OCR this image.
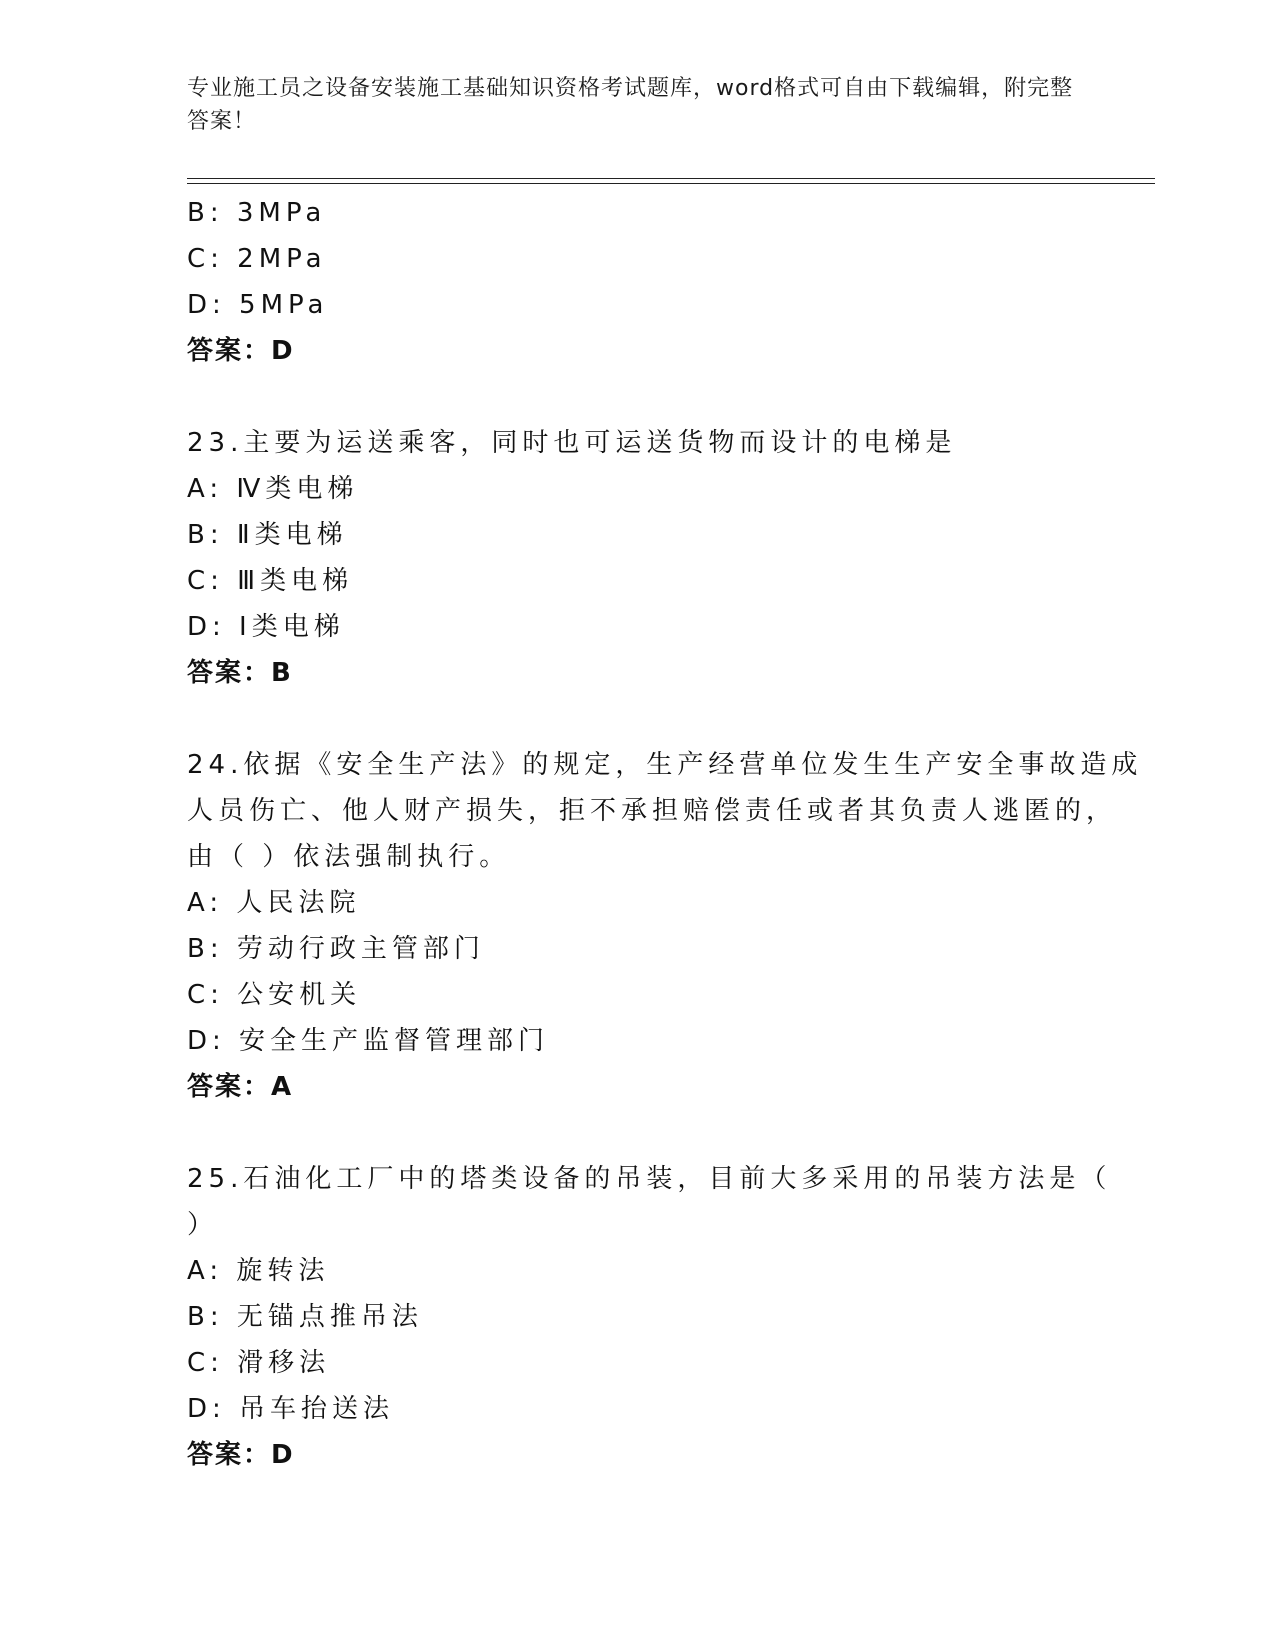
专业施工员之设备安装施工基础知识资格考试题库，word格式可自由下载编辑，附完整答案！
B: 3MPa
C: 2MPa
D: 5MPa
答案：D
23.主要为运送乘客，同时也可运送货物而设计的电梯是
A: Ⅳ类电梯
B: Ⅱ类电梯
C: Ⅲ类电梯
D: Ⅰ类电梯
答案：B
24.依据《安全生产法》的规定，生产经营单位发生生产安全事故造成
人员伤亡、他人财产损失，拒不承担赔偿责任或者其负责人逃匿的，
由（ ）依法强制执行。
A: 人民法院
B: 劳动行政主管部门
C: 公安机关
D: 安全生产监督管理部门
答案：A
25.石油化工厂中的塔类设备的吊装，目前大多采用的吊装方法是（
）
A: 旋转法
B: 无锚点推吊法
C: 滑移法
D: 吊车抬送法
答案：D
